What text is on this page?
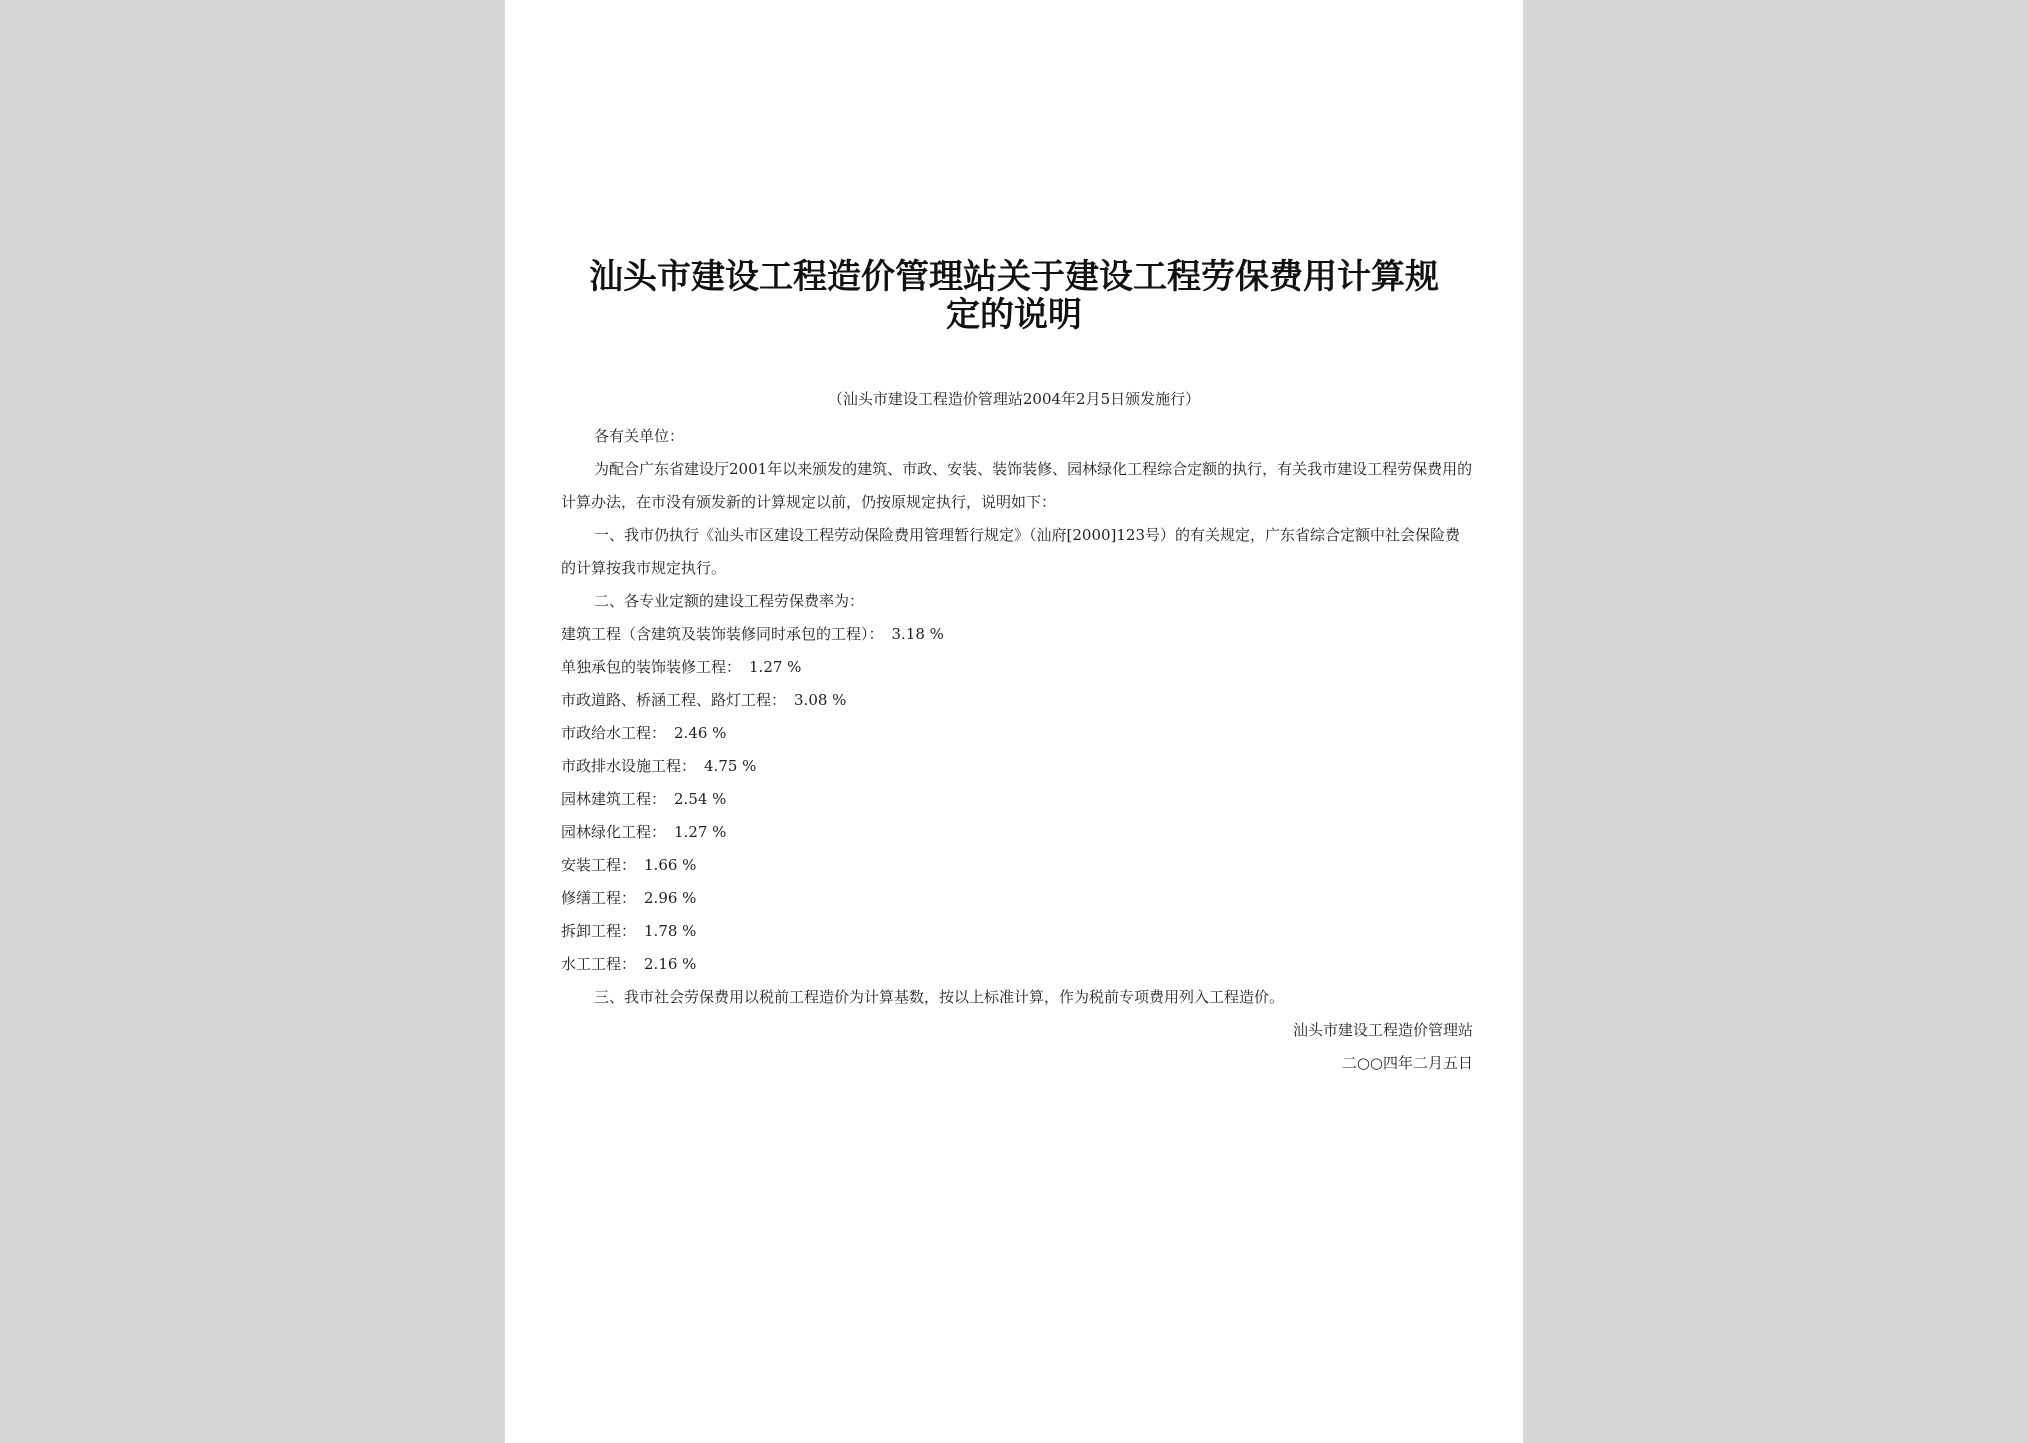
汕头市建设工程造价管理站关于建设工程劳保费用计算规定的说明
（汕头市建设工程造价管理站2004年2月5日颁发施行）

各有关单位：

为配合广东省建设厅2001年以来颁发的建筑、市政、安装、装饰装修、园林绿化工程综合定额的执行，有关我市建设工程劳保费用的计算办法，在市没有颁发新的计算规定以前，仍按原规定执行，说明如下：

一、我市仍执行《汕头市区建设工程劳动保险费用管理暂行规定》（汕府[2000]123号）的有关规定，广东省综合定额中社会保险费的计算按我市规定执行。

二、各专业定额的建设工程劳保费率为：

建筑工程（含建筑及装饰装修同时承包的工程）： 3.18 %

单独承包的装饰装修工程： 1.27 %

市政道路、桥涵工程、路灯工程： 3.08 %

市政给水工程： 2.46 %

市政排水设施工程： 4.75 %

园林建筑工程： 2.54 %

园林绿化工程： 1.27 %

安装工程： 1.66 %

修缮工程： 2.96 %

拆卸工程： 1.78 %

水工工程： 2.16 %

三、我市社会劳保费用以税前工程造价为计算基数，按以上标准计算，作为税前专项费用列入工程造价。

汕头市建设工程造价管理站

二○○四年二月五日
